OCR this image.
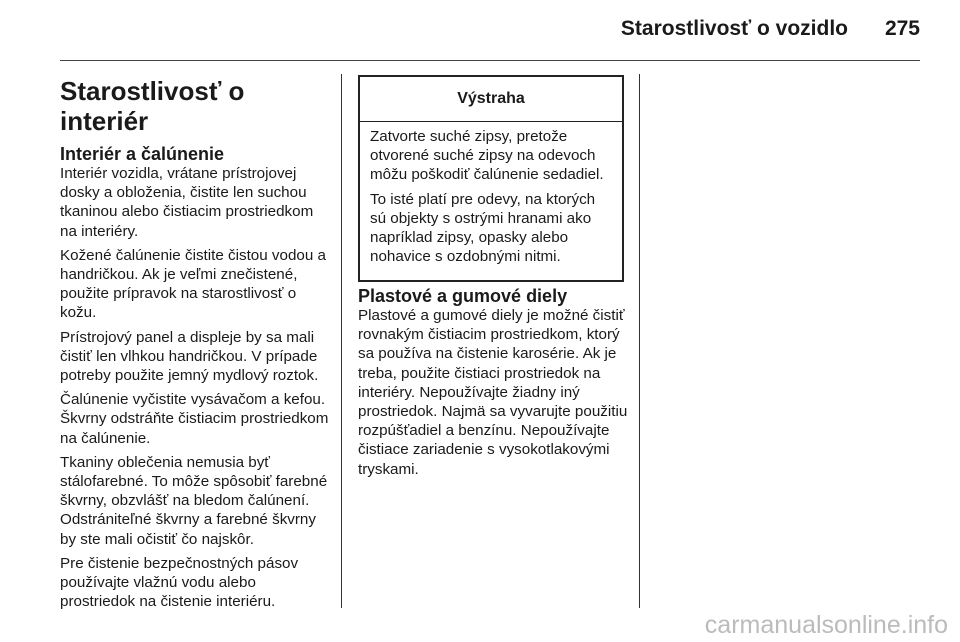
Starostlivosť o vozidlo 275
Starostlivosť o interiér
Interiér a čalúnenie

Interiér vozidla, vrátane prístrojovej dosky a obloženia, čistite len suchou tkaninou alebo čistiacim prostriedkom na interiéry.

Kožené čalúnenie čistite čistou vodou a handričkou. Ak je veľmi znečistené, použite prípravok na starostlivosť o kožu.

Prístrojový panel a displeje by sa mali čistiť len vlhkou handričkou. V prípade potreby použite jemný mydlový roztok.

Čalúnenie vyčistite vysávačom a kefou. Škvrny odstráňte čistiacim prostriedkom na čalúnenie.

Tkaniny oblečenia nemusia byť stálofarebné. To môže spôsobiť farebné škvrny, obzvlášť na bledom čalúnení. Odstrániteľné škvrny a farebné škvrny by ste mali očistiť čo najskôr.

Pre čistenie bezpečnostných pásov používajte vlažnú vodu alebo prostriedok na čistenie interiéru.

Výstraha

Zatvorte suché zipsy, pretože otvorené suché zipsy na odevoch môžu poškodiť čalúnenie sedadiel.

To isté platí pre odevy, na ktorých sú objekty s ostrými hranami ako napríklad zipsy, opasky alebo nohavice s ozdobnými nitmi.

Plastové a gumové diely

Plastové a gumové diely je možné čistiť rovnakým čistiacim prostriedkom, ktorý sa používa na čistenie karosérie. Ak je treba, použite čistiaci prostriedok na interiéry. Nepoužívajte žiadny iný prostriedok. Najmä sa vyvarujte použitiu rozpúšťadiel a benzínu. Nepoužívajte čistiace zariadenie s vysokotlakovými tryskami.

carmanualsonline.info
